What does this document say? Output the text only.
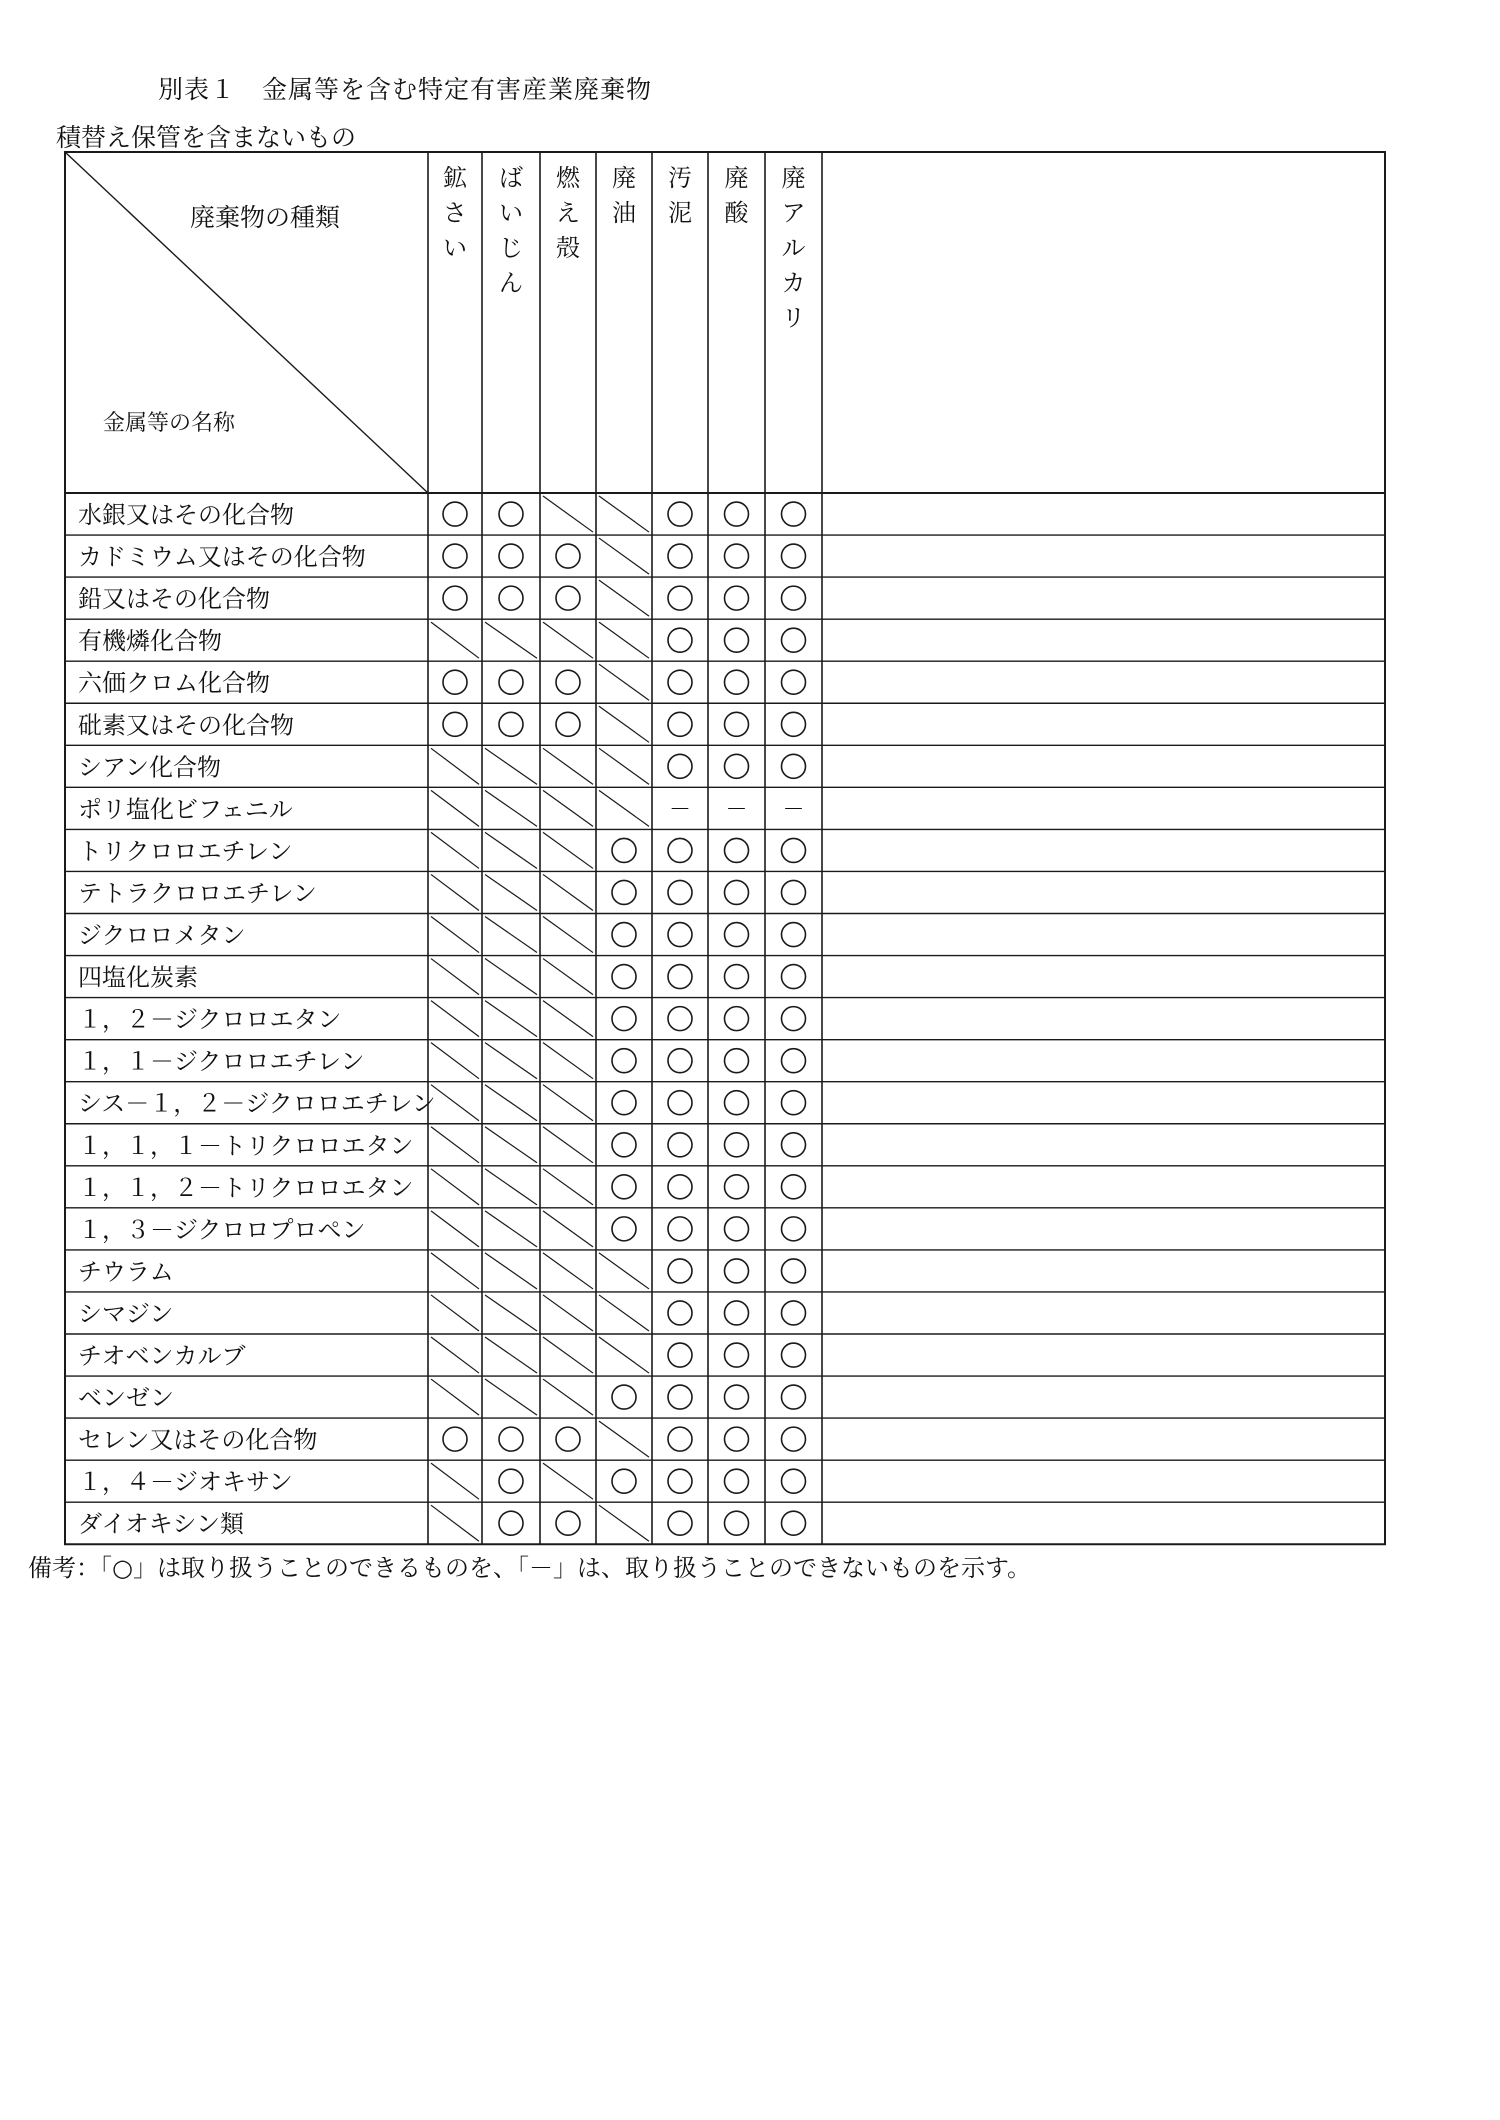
別表１　金属等を含む特定有害産業廃棄物
積替え保管を含まないもの
廃棄物の種類
金属等の名称
鉱さい
ばいじん
燃え殻
廃油
汚泥
廃酸
廃アルカリ
水銀又はその化合物
カドミウム又はその化合物
鉛又はその化合物
有機燐化合物
六価クロム化合物
砒素又はその化合物
シアン化合物
ポリ塩化ビフェニル	－ － －
トリクロロエチレン
テトラクロロエチレン
ジクロロメタン
四塩化炭素
１，２－ジクロロエタン
１，１－ジクロロエチレン
シス－１，２－ジクロロエチレン
１，１，１－トリクロロエタン
１，１，２－トリクロロエタン
１，３－ジクロロプロペン
チウラム
シマジン
チオベンカルブ
ベンゼン
セレン又はその化合物
１，４－ジオキサン
ダイオキシン類
備考：「○」は取り扱うことのできるものを、「－」は、取り扱うことのできないものを示す。
